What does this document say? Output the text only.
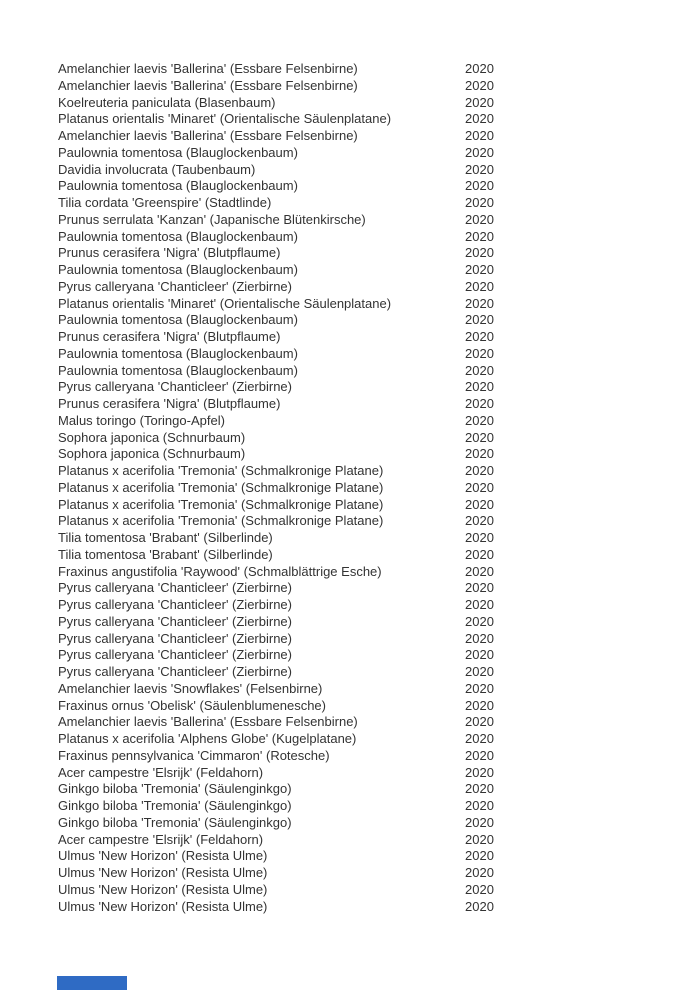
Amelanchier laevis 'Ballerina' (Essbare Felsenbirne)	2020
Amelanchier laevis 'Ballerina' (Essbare Felsenbirne)	2020
Koelreuteria paniculata (Blasenbaum)	2020
Platanus orientalis 'Minaret' (Orientalische Säulenplatane)	2020
Amelanchier laevis 'Ballerina' (Essbare Felsenbirne)	2020
Paulownia tomentosa (Blauglockenbaum)	2020
Davidia involucrata (Taubenbaum)	2020
Paulownia tomentosa (Blauglockenbaum)	2020
Tilia cordata 'Greenspire' (Stadtlinde)	2020
Prunus serrulata 'Kanzan' (Japanische Blütenkirsche)	2020
Paulownia tomentosa (Blauglockenbaum)	2020
Prunus cerasifera 'Nigra' (Blutpflaume)	2020
Paulownia tomentosa (Blauglockenbaum)	2020
Pyrus calleryana 'Chanticleer' (Zierbirne)	2020
Platanus orientalis 'Minaret' (Orientalische Säulenplatane)	2020
Paulownia tomentosa (Blauglockenbaum)	2020
Prunus cerasifera 'Nigra' (Blutpflaume)	2020
Paulownia tomentosa (Blauglockenbaum)	2020
Paulownia tomentosa (Blauglockenbaum)	2020
Pyrus calleryana 'Chanticleer' (Zierbirne)	2020
Prunus cerasifera 'Nigra' (Blutpflaume)	2020
Malus toringo (Toringo-Apfel)	2020
Sophora japonica (Schnurbaum)	2020
Sophora japonica (Schnurbaum)	2020
Platanus x acerifolia 'Tremonia' (Schmalkronige Platane)	2020
Platanus x acerifolia 'Tremonia' (Schmalkronige Platane)	2020
Platanus x acerifolia 'Tremonia' (Schmalkronige Platane)	2020
Platanus x acerifolia 'Tremonia' (Schmalkronige Platane)	2020
Tilia tomentosa 'Brabant' (Silberlinde)	2020
Tilia tomentosa 'Brabant' (Silberlinde)	2020
Fraxinus angustifolia 'Raywood' (Schmalblättrige Esche)	2020
Pyrus calleryana 'Chanticleer' (Zierbirne)	2020
Pyrus calleryana 'Chanticleer' (Zierbirne)	2020
Pyrus calleryana 'Chanticleer' (Zierbirne)	2020
Pyrus calleryana 'Chanticleer' (Zierbirne)	2020
Pyrus calleryana 'Chanticleer' (Zierbirne)	2020
Pyrus calleryana 'Chanticleer' (Zierbirne)	2020
Amelanchier laevis 'Snowflakes' (Felsenbirne)	2020
Fraxinus ornus 'Obelisk' (Säulenblumenesche)	2020
Amelanchier laevis 'Ballerina' (Essbare Felsenbirne)	2020
Platanus x acerifolia 'Alphens Globe' (Kugelplatane)	2020
Fraxinus pennsylvanica 'Cimmaron' (Rotesche)	2020
Acer campestre 'Elsrijk' (Feldahorn)	2020
Ginkgo biloba 'Tremonia' (Säulenginkgo)	2020
Ginkgo biloba 'Tremonia' (Säulenginkgo)	2020
Ginkgo biloba 'Tremonia' (Säulenginkgo)	2020
Acer campestre 'Elsrijk' (Feldahorn)	2020
Ulmus 'New Horizon' (Resista Ulme)	2020
Ulmus 'New Horizon' (Resista Ulme)	2020
Ulmus 'New Horizon' (Resista Ulme)	2020
Ulmus 'New Horizon' (Resista Ulme)	2020
